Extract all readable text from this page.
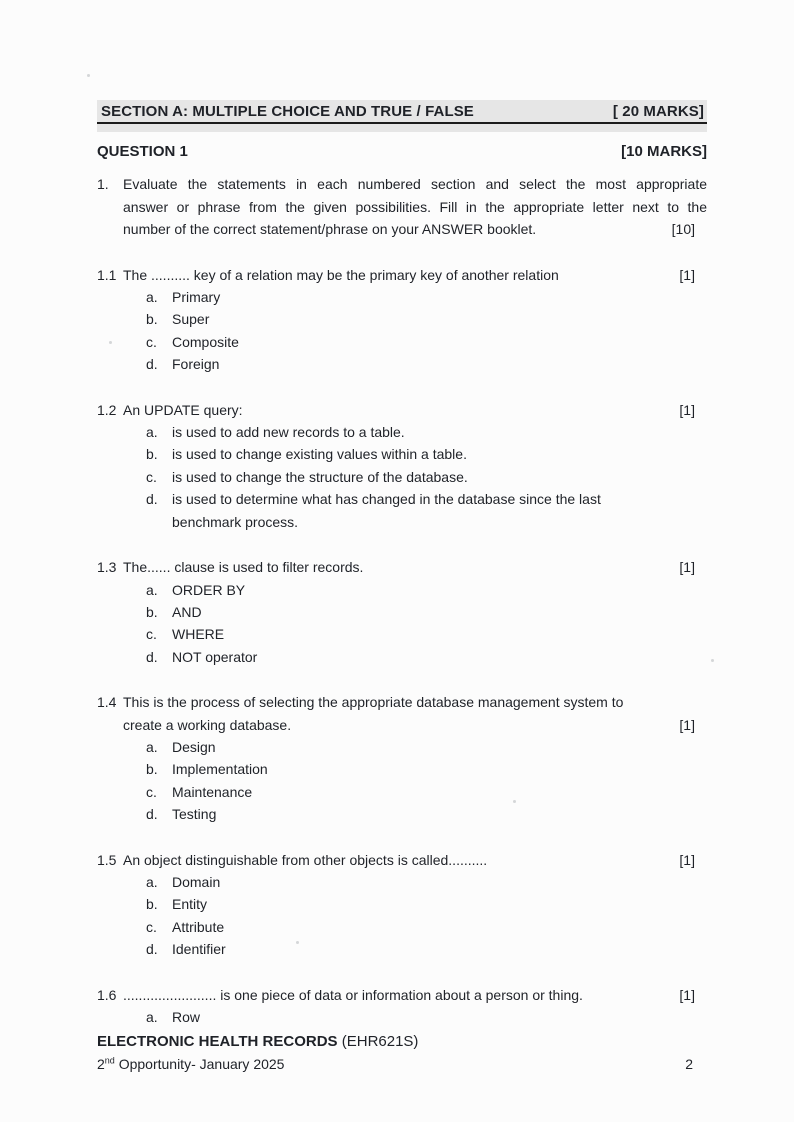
SECTION A: MULTIPLE CHOICE AND TRUE / FALSE	[ 20 MARKS]
QUESTION 1	[10 MARKS]
1. Evaluate the statements in each numbered section and select the most appropriate
answer or phrase from the given possibilities. Fill in the appropriate letter next to the
number of the correct statement/phrase on your ANSWER booklet.	[10]
1.1 The .......... key of a relation may be the primary key of another relation	[1]
a.	Primary
b.	Super
c.	Composite
d.	Foreign
1.2 An UPDATE query:	[1]
a.	is used to add new records to a table.
b.	is used to change existing values within a table.
c.	is used to change the structure of the database.
d.	is used to determine what has changed in the database since the last
benchmark process.
1.3 The...... clause is used to filter records.	[1]
a.	ORDER BY
b.	AND
c.	WHERE
d.	NOT operator
1.4 This is the process of selecting the appropriate database management system to
create a working database.	[1]
a.	Design
b.	Implementation
c.	Maintenance
d.	Testing
1.5 An object distinguishable from other objects is called..........	[1]
a.	Domain
b.	Entity
c.	Attribute
d.	Identifier
1.6 ........................ is one piece of data or information about a person or thing.	[1]
a.	Row
ELECTRONIC HEALTH RECORDS (EHR621S)
2nd Opportunity- January 2025	2
